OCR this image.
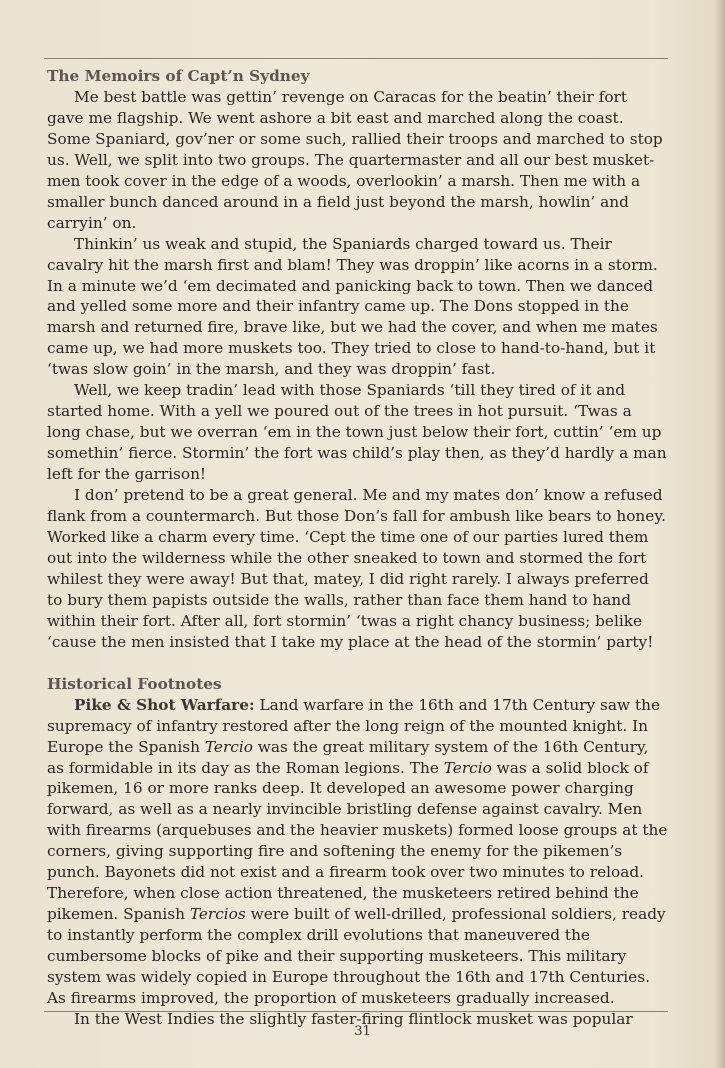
The Memoirs of Capt’n Sydney

Me best battle was gettin’ revenge on Caracas for the beatin’ their fort gave me flagship. We went ashore a bit east and marched along the coast. Some Spaniard, gov’ner or some such, rallied their troops and marched to stop us. Well, we split into two groups. The quartermaster and all our best musket-men took cover in the edge of a woods, overlookin’ a marsh. Then me with a smaller bunch danced around in a field just beyond the marsh, howlin’ and carryin’ on.

Thinkin’ us weak and stupid, the Spaniards charged toward us. Their cavalry hit the marsh first and blam! They was droppin’ like acorns in a storm. In a minute we’d ‘em decimated and panicking back to town. Then we danced and yelled some more and their infantry came up. The Dons stopped in the marsh and returned fire, brave like, but we had the cover, and when me mates came up, we had more muskets too. They tried to close to hand-to-hand, but it ‘twas slow goin’ in the marsh, and they was droppin’ fast.

Well, we keep tradin’ lead with those Spaniards ‘till they tired of it and started home. With a yell we poured out of the trees in hot pursuit. ‘Twas a long chase, but we overran ‘em in the town just below their fort, cuttin’ ‘em up somethin’ fierce. Stormin’ the fort was child’s play then, as they’d hardly a man left for the garrison!

I don’ pretend to be a great general. Me and my mates don’ know a refused flank from a countermarch. But those Don’s fall for ambush like bears to honey. Worked like a charm every time. ‘Cept the time one of our parties lured them out into the wilderness while the other sneaked to town and stormed the fort whilest they were away! But that, matey, I did right rarely. I always preferred to bury them papists outside the walls, rather than face them hand to hand within their fort. After all, fort stormin’ ‘twas a right chancy business; belike ‘cause the men insisted that I take my place at the head of the stormin’ party!

Historical Footnotes

Pike & Shot Warfare: Land warfare in the 16th and 17th Century saw the supremacy of infantry restored after the long reign of the mounted knight. In Europe the Spanish Tercio was the great military system of the 16th Century, as formidable in its day as the Roman legions. The Tercio was a solid block of pikemen, 16 or more ranks deep. It developed an awesome power charging forward, as well as a nearly invincible bristling defense against cavalry. Men with firearms (arquebuses and the heavier muskets) formed loose groups at the corners, giving supporting fire and softening the enemy for the pikemen’s punch. Bayonets did not exist and a firearm took over two minutes to reload. Therefore, when close action threatened, the musketeers retired behind the pikemen. Spanish Tercios were built of well-drilled, professional soldiers, ready to instantly perform the complex drill evolutions that maneuvered the cumbersome blocks of pike and their supporting musketeers. This military system was widely copied in Europe throughout the 16th and 17th Centuries. As firearms improved, the proportion of musketeers gradually increased.

In the West Indies the slightly faster-firing flintlock musket was popular

31
